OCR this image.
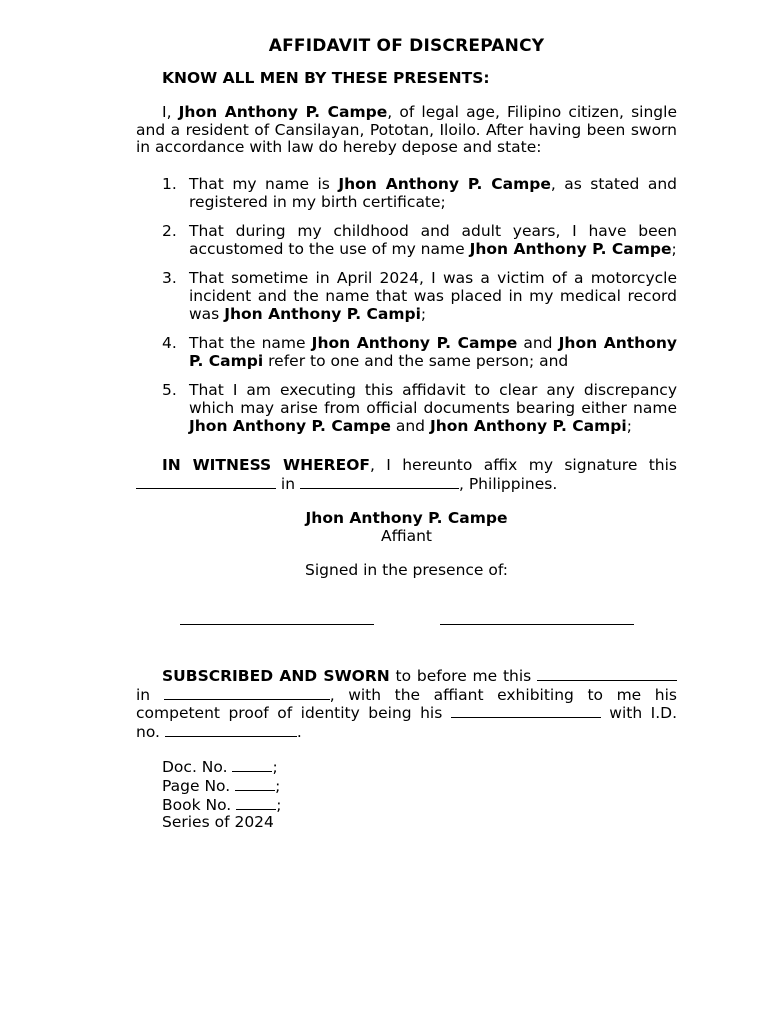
AFFIDAVIT OF DISCREPANCY
KNOW ALL MEN BY THESE PRESENTS:

I, Jhon Anthony P. Campe, of legal age, Filipino citizen, single and a resident of Cansilayan, Pototan, Iloilo. After having been sworn in accordance with law do hereby depose and state:

1. That my name is Jhon Anthony P. Campe, as stated and registered in my birth certificate;
2. That during my childhood and adult years, I have been accustomed to the use of my name Jhon Anthony P. Campe;
3. That sometime in April 2024, I was a victim of a motorcycle incident and the name that was placed in my medical record was Jhon Anthony P. Campi;
4. That the name Jhon Anthony P. Campe and Jhon Anthony P. Campi refer to one and the same person; and
5. That I am executing this affidavit to clear any discrepancy which may arise from official documents bearing either name Jhon Anthony P. Campe and Jhon Anthony P. Campi;

IN WITNESS WHEREOF, I hereunto affix my signature this  in	, Philippines.

Jhon Anthony P. Campe
Affiant
Signed in the presence of:

SUBSCRIBED AND SWORN to before me this  in	, with the affiant exhibiting to me his competent proof of identity being his	with I.D. no.	.

Doc. No.	;
Page No.	;
Book No.	;
Series of 2024
